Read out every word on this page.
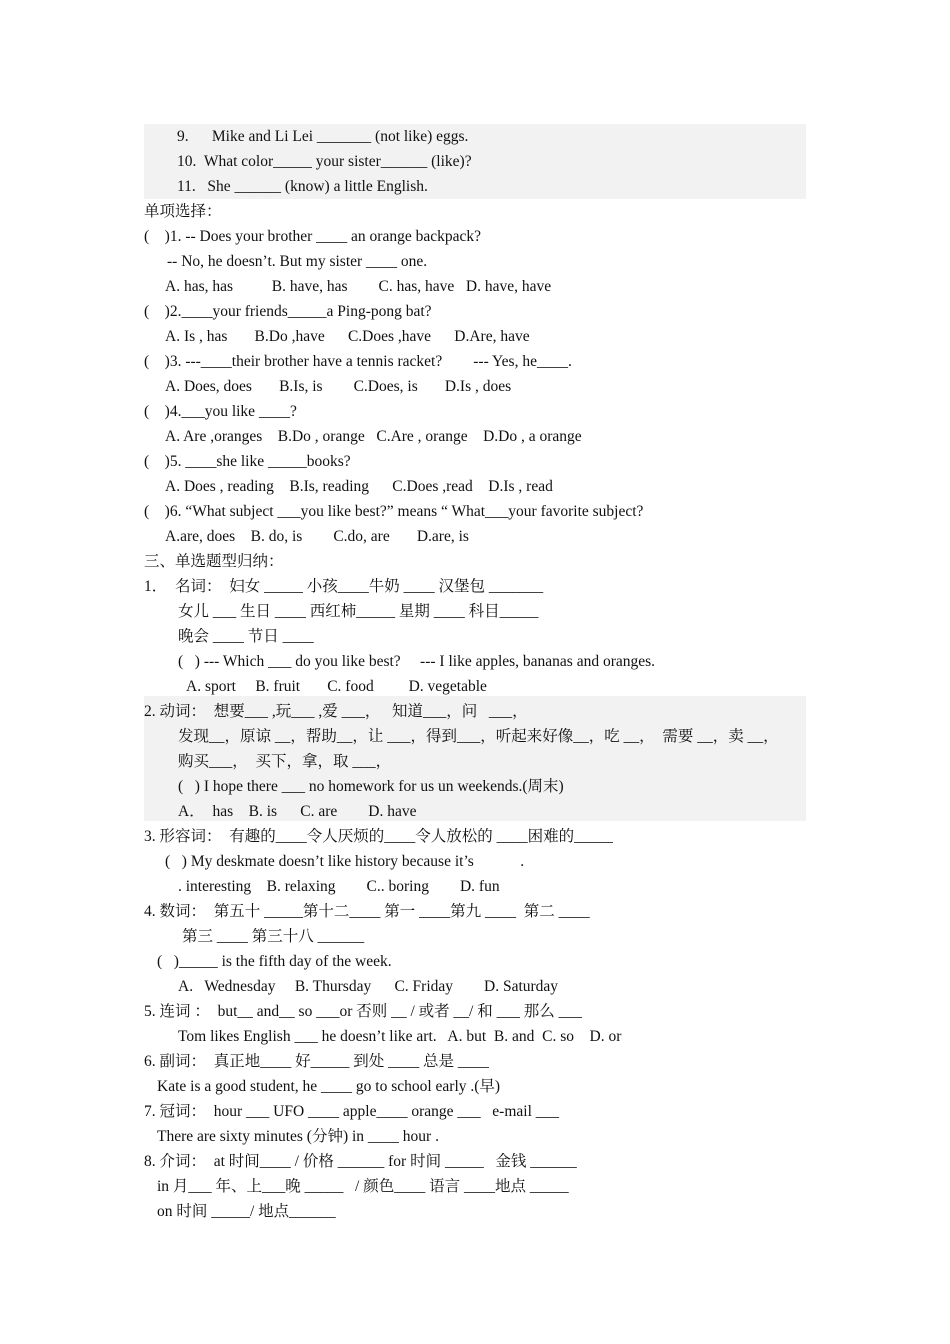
9.      Mike and Li Lei _______ (not like) eggs.
10.  What color_____ your sister______ (like)?
11.   She ______ (know) a little English.
单项选择：
(    )1. -- Does your brother ____ an orange backpack?
-- No, he doesn’t. But my sister ____ one.
A. has, has          B. have, has        C. has, have   D. have, have
(    )2.____your friends_____a Ping-pong bat?
A. Is , has       B.Do ,have      C.Does ,have      D.Are, have
(    )3. ---____their brother have a tennis racket?        --- Yes, he____.
A. Does, does       B.Is, is        C.Does, is       D.Is , does
(    )4.___you like ____?
A. Are ,oranges    B.Do , orange   C.Are , orange    D.Do , a orange
(    )5. ____she like _____books?
A. Does , reading    B.Is, reading      C.Does ,read    D.Is , read
(    )6. “What subject ___you like best?” means “ What___your favorite subject?
A.are, does    B. do, is        C.do, are       D.are, is
三、单选题型归纳：
1．  名词：  妇女 _____ 小孩____牛奶 ____ 汉堡包 _______
女儿 ___ 生日 ____ 西红柿_____ 星期 ____ 科目_____
晚会 ____ 节日 ____
(   ) --- Which ___ do you like best?     --- I like apples, bananas and oranges.
A. sport     B. fruit       C. food         D. vegetable
2. 动词：  想要___ ,玩___ ,爱 ___，   知道___，问   ___，
发现__，原谅 __，帮助__，让 ___，得到___，听起来好像__，吃 __，  需要 __，卖 __，
购买___，  买下，拿，取 ___，
(   ) I hope there ___ no homework for us un weekends.(周末)
A．  has    B. is      C. are        D. have
3. 形容词：  有趣的____令人厌烦的____令人放松的 ____困难的_____
(   ) My deskmate doesn’t like history because it’s            .
. interesting    B. relaxing        C.. boring        D. fun
4. 数词：  第五十 _____第十二____ 第一 ____第九 ____  第二 ____
第三 ____ 第三十八 ______
(   )_____ is the fifth day of the week.
A.   Wednesday     B. Thursday      C. Friday        D. Saturday
5. 连词 ：  but__ and__ so ___or 否则 __ / 或者 __/ 和 ___ 那么 ___
Tom likes English ___ he doesn’t like art.   A. but  B. and  C. so    D. or
6. 副词：  真正地____ 好_____ 到处 ____ 总是 ____
Kate is a good student, he ____ go to school early .(早)
7. 冠词：  hour ___ UFO ____ apple____ orange ___   e-mail ___
There are sixty minutes (分钟) in ____ hour .
8. 介词：  at 时间____ / 价格 ______ for 时间 _____   金钱 ______
in 月___ 年、上___晚 _____   / 颜色____ 语言 ____地点 _____
on 时间 _____/ 地点______
